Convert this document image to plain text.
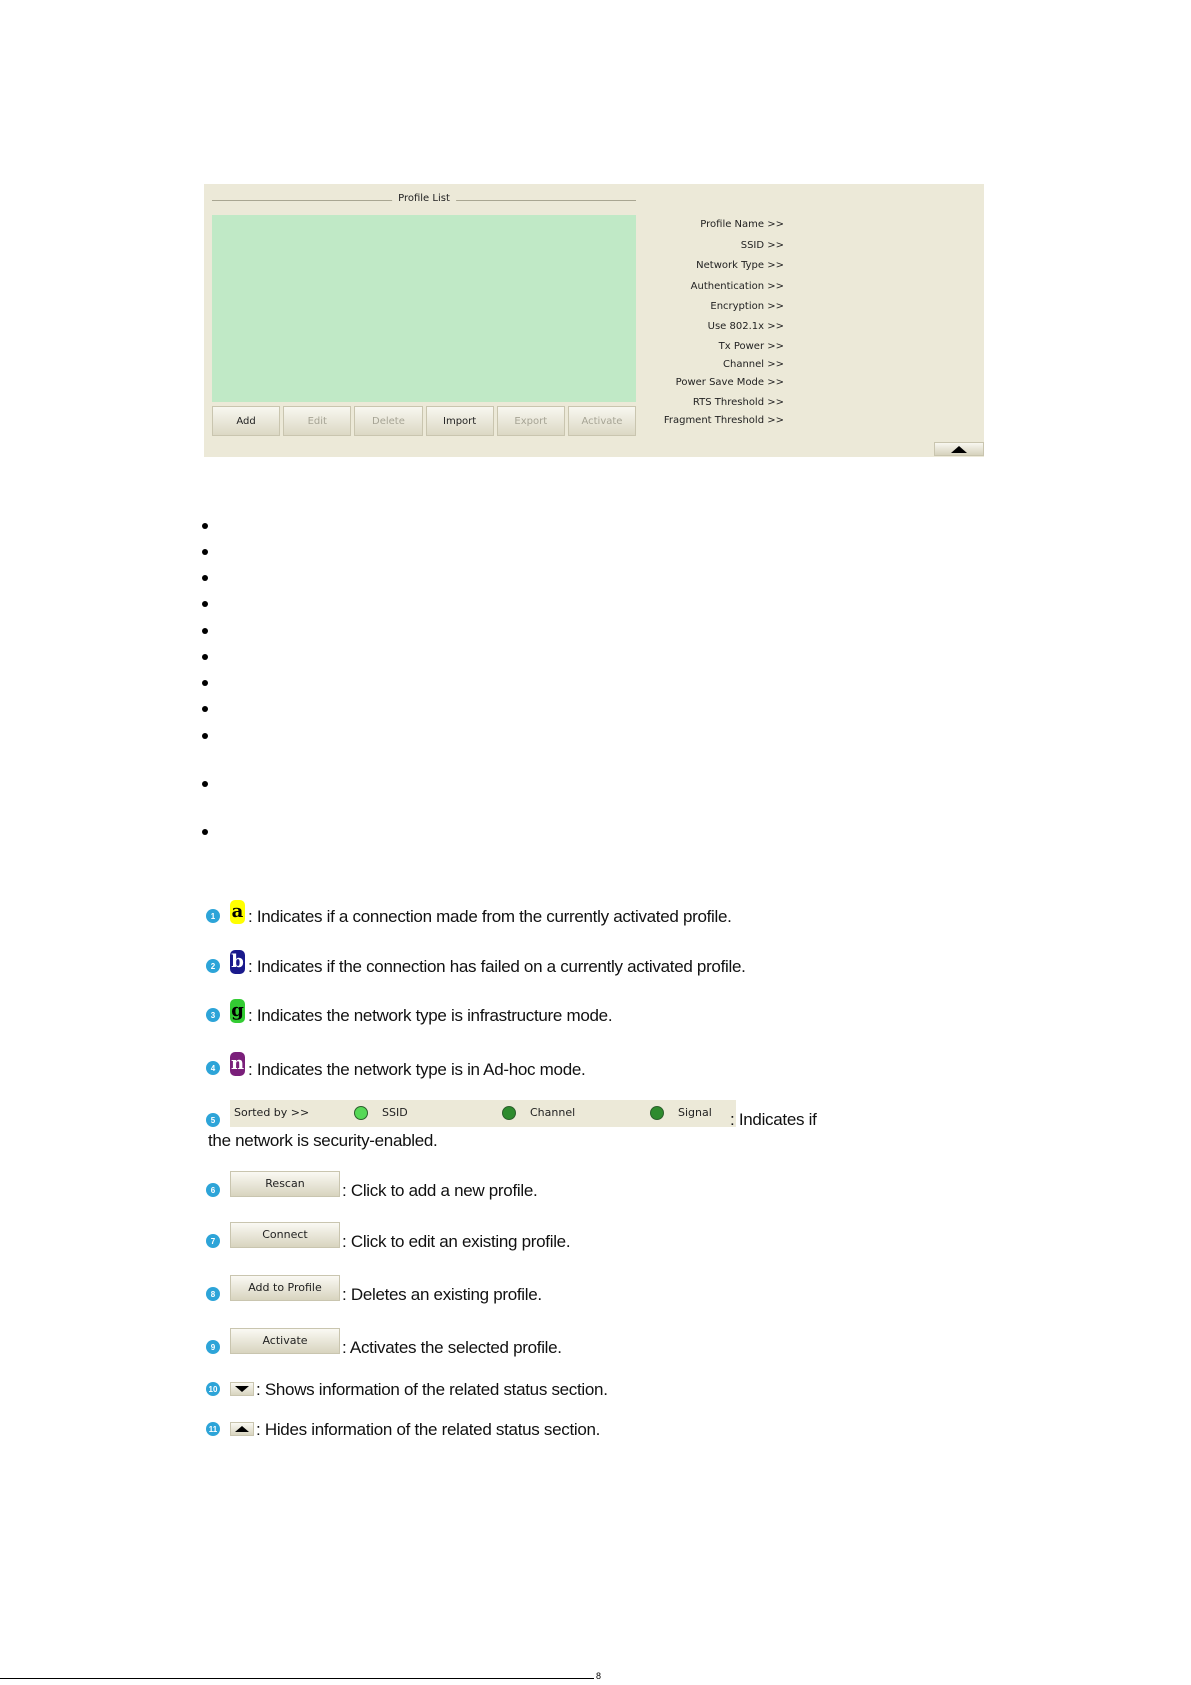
Profile List
Add	Edit	Delete	Import	Export	Activate
Profile Name >>
SSID >>
Network Type >>
Authentication >>
Encryption >>
Use 802.1x >>
Tx Power >>
Channel >>
Power Save Mode >>
RTS Threshold >>
Fragment Threshold >>
1 a : Indicates if a connection made from the currently activated profile.
2 b : Indicates if the connection has failed on a currently activated profile.
3 g : Indicates the network type is infrastructure mode.
4 n : Indicates the network type is in Ad-hoc mode.
5
Sorted by >>	SSID	Channel	Signal : Indicates if
the network is security-enabled.
6	Rescan	: Click to add a new profile.
7	Connect	: Click to edit an existing profile.
8	Add to Profile	: Deletes an existing profile.
9	Activate	: Activates the selected profile.
10 : Shows information of the related status section.
11 : Hides information of the related status section.
8
